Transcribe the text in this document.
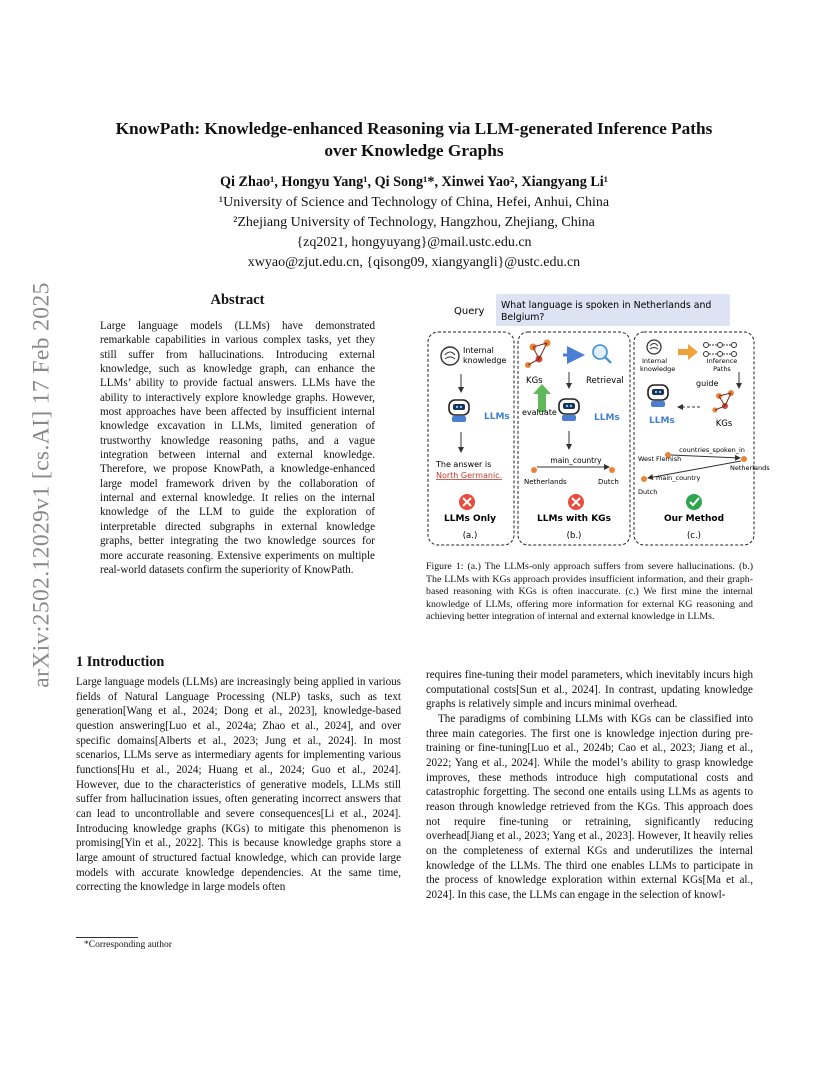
arXiv:2502.12029v1 [cs.AI] 17 Feb 2025
KnowPath: Knowledge-enhanced Reasoning via LLM-generated Inference Paths
over Knowledge Graphs
Qi Zhao¹, Hongyu Yang¹, Qi Song¹*, Xinwei Yao², Xiangyang Li¹
¹University of Science and Technology of China, Hefei, Anhui, China
²Zhejiang University of Technology, Hangzhou, Zhejiang, China
{zq2021, hongyuyang}@mail.ustc.edu.cn
xwyao@zjut.edu.cn, {qisong09, xiangyangli}@ustc.edu.cn
Abstract
Large language models (LLMs) have demonstrated remarkable capabilities in various complex tasks, yet they still suffer from hallucinations. Introducing external knowledge, such as knowledge graph, can enhance the LLMs’ ability to provide factual answers. LLMs have the ability to interactively explore knowledge graphs. However, most approaches have been affected by insufficient internal knowledge excavation in LLMs, limited generation of trustworthy knowledge reasoning paths, and a vague integration between internal and external knowledge. Therefore, we propose KnowPath, a knowledge-enhanced large model framework driven by the collaboration of internal and external knowledge. It relies on the internal knowledge of the LLM to guide the exploration of interpretable directed subgraphs in external knowledge graphs, better integrating the two knowledge sources for more accurate reasoning. Extensive experiments on multiple real-world datasets confirm the superiority of KnowPath.
Query
What language is spoken in Netherlands and
Belgium?
Internal
knowledge
LLMs
The answer is
North Germanic.
LLMs Only
(a.)
KGs	Retrieval
evaluate
LLMs
main_country
Netherlands	Dutch
LLMs with KGs
(b.)
Internal
knowledge
Inference
Paths
guide
LLMs	KGs
countries_spoken_in
West Flemish
Netherlands
main_country
Dutch
Our Method
(c.)
Figure 1: (a.) The LLMs-only approach suffers from severe hallucinations. (b.) The LLMs with KGs approach provides insufficient information, and their graph-based reasoning with KGs is often inaccurate. (c.) We first mine the internal knowledge of LLMs, offering more information for external KG reasoning and achieving better integration of internal and external knowledge in LLMs.
1 Introduction

Large language models (LLMs) are increasingly being applied in various fields of Natural Language Processing (NLP) tasks, such as text generation[Wang et al., 2024; Dong et al., 2023], knowledge-based question answering[Luo et al., 2024a; Zhao et al., 2024], and over specific domains[Alberts et al., 2023; Jung et al., 2024]. In most scenarios, LLMs serve as intermediary agents for implementing various functions[Hu et al., 2024; Huang et al., 2024; Guo et al., 2024]. However, due to the characteristics of generative models, LLMs still suffer from hallucination issues, often generating incorrect answers that can lead to uncontrollable and severe consequences[Li et al., 2024]. Introducing knowledge graphs (KGs) to mitigate this phenomenon is promising[Yin et al., 2022]. This is because knowledge graphs store a large amount of structured factual knowledge, which can provide large models with accurate knowledge dependencies. At the same time, correcting the knowledge in large models often

requires fine-tuning their model parameters, which inevitably incurs high computational costs[Sun et al., 2024]. In contrast, updating knowledge graphs is relatively simple and incurs minimal overhead.

The paradigms of combining LLMs with KGs can be classified into three main categories. The first one is knowledge injection during pre-training or fine-tuning[Luo et al., 2024b; Cao et al., 2023; Jiang et al., 2022; Yang et al., 2024]. While the model’s ability to grasp knowledge improves, these methods introduce high computational costs and catastrophic forgetting. The second one entails using LLMs as agents to reason through knowledge retrieved from the KGs. This approach does not require fine-tuning or retraining, significantly reducing overhead[Jiang et al., 2023; Yang et al., 2023]. However, It heavily relies on the completeness of external KGs and underutilizes the internal knowledge of the LLMs. The third one enables LLMs to participate in the process of knowledge exploration within external KGs[Ma et al., 2024]. In this case, the LLMs can engage in the selection of knowl-

*Corresponding author
